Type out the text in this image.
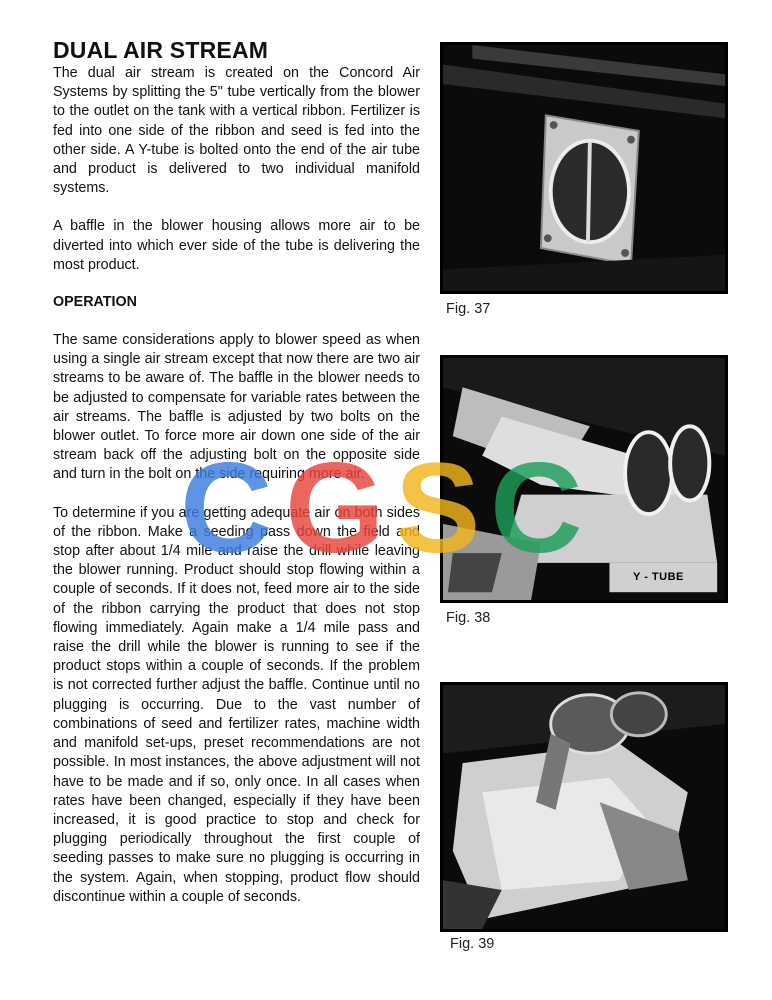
DUAL AIR STREAM

The dual air stream is created on the Concord Air Systems by splitting the 5" tube vertically from the blower to the outlet on the tank with a vertical ribbon. Fertilizer is fed into one side of the ribbon and seed is fed into the other side. A Y-tube is bolted onto the end of the air tube and product is delivered to two individual manifold systems.

A baffle in the blower housing allows more air to be diverted into which ever side of the tube is delivering the most product.

OPERATION

The same considerations apply to blower speed as when using a single air stream except that now there are two air streams to be aware of. The baffle in the blower needs to be adjusted to compensate for variable rates between the air streams. The baffle is adjusted by two bolts on the blower outlet. To force more air down one side of the air stream back off the adjusting bolt on the opposite side and turn in the bolt on the side requiring more air.

To determine if you are getting adequate air on both sides of the ribbon. Make a seeding pass down the field and stop after about 1/4 mile and raise the drill while leaving the blower running. Product should stop flowing within a couple of seconds. If it does not, feed more air to the side of the ribbon carrying the product that does not stop flowing immediately. Again make a 1/4 mile pass and raise the drill while the blower is running to see if the product stops within a couple of seconds. If the problem is not corrected further adjust the baffle. Continue until no plugging is occurring. Due to the vast number of combinations of seed and fertilizer rates, machine width and manifold set-ups, preset recommendations are not possible. In most instances, the above adjustment will not have to be made and if so, only once. In all cases when rates have been changed, especially if they have been increased, it is good practice to stop and check for plugging periodically throughout the first couple of seeding passes to make sure no plugging is occurring in the system. Again, when stopping, product flow should discontinue within a couple of seconds.

Fig. 37
Y - TUBE
Fig. 38
Fig. 39
C G S C
